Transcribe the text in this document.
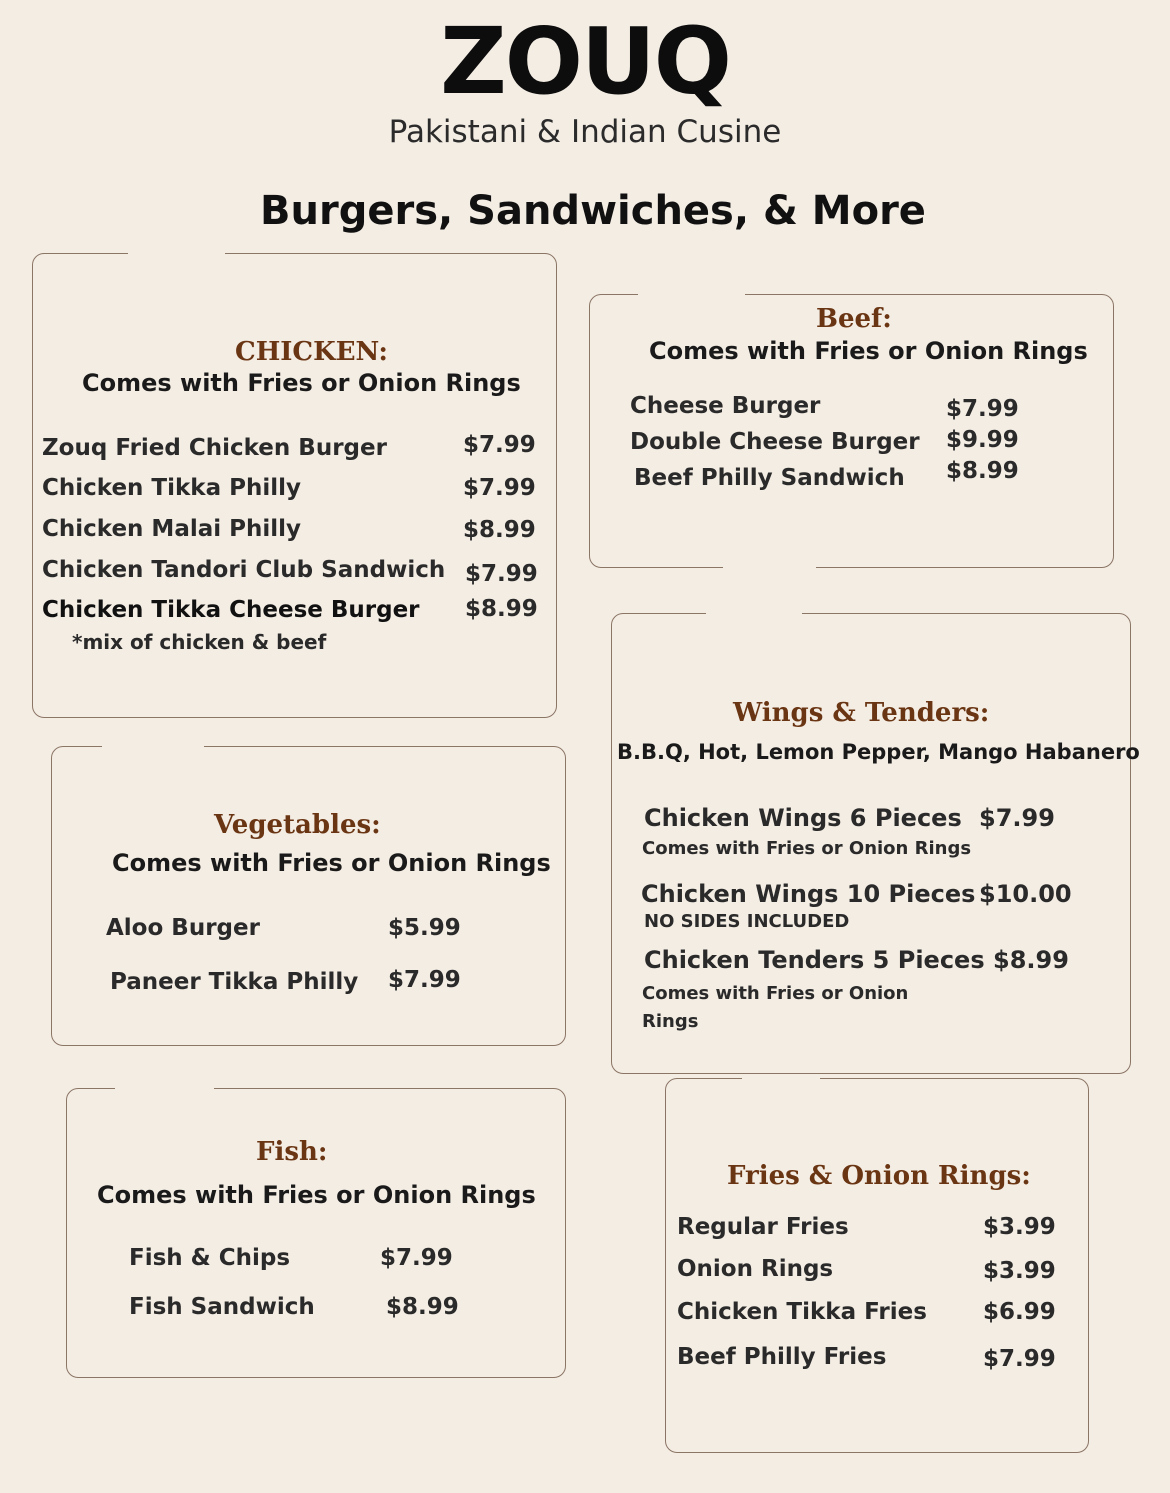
ZOUQ
Pakistani & Indian Cusine
Burgers, Sandwiches, & More
CHICKEN:
Comes with Fries or Onion Rings
Zouq Fried Chicken Burger	$7.99
Chicken Tikka Philly	$7.99
Chicken Malai Philly	$8.99
Chicken Tandori Club Sandwich $7.99
Chicken Tikka Cheese Burger $8.99
*mix of chicken & beef
Beef:
Comes with Fries or Onion Rings
Cheese Burger	$7.99
Double Cheese Burger $9.99
Beef Philly Sandwich $8.99
Vegetables:
Comes with Fries or Onion Rings
Aloo Burger	$5.99
Paneer Tikka Philly $7.99
Wings & Tenders:
B.B.Q, Hot, Lemon Pepper, Mango Habanero
Chicken Wings 6 Pieces $7.99
Comes with Fries or Onion Rings
Chicken Wings 10 Pieces $10.00
NO SIDES INCLUDED
Chicken Tenders 5 Pieces $8.99
Comes with Fries or Onion
Rings
Fish:
Comes with Fries or Onion Rings
Fish & Chips	$7.99
Fish Sandwich	$8.99
Fries & Onion Rings:
Regular Fries	$3.99
Onion Rings	$3.99
Chicken Tikka Fries $6.99
Beef Philly Fries	$7.99
